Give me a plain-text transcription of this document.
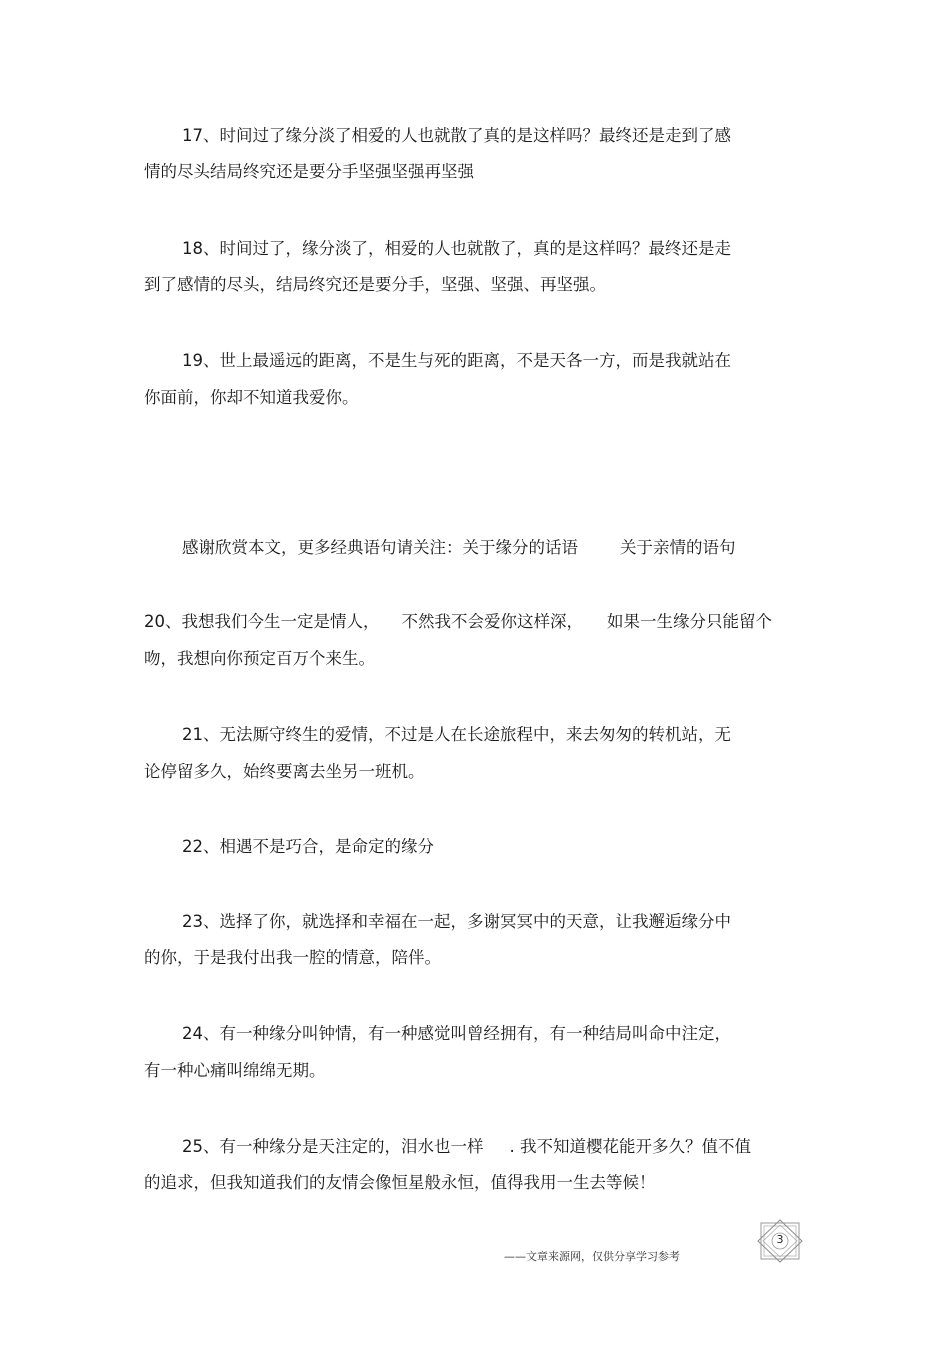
17、时间过了缘分淡了相爱的人也就散了真的是这样吗？最终还是走到了感
情的尽头结局终究还是要分手坚强坚强再坚强
18、时间过了，缘分淡了，相爱的人也就散了，真的是这样吗？最终还是走
到了感情的尽头，结局终究还是要分手，坚强、坚强、再坚强。
19、世上最遥远的距离，不是生与死的距离，不是天各一方，而是我就站在
你面前，你却不知道我爱你。
感谢欣赏本文，更多经典语句请关注：关于缘分的话语	关于亲情的语句
20、我想我们今生一定是情人， 不然我不会爱你这样深， 如果一生缘分只能留个
吻，我想向你预定百万个来生。
21、无法厮守终生的爱情，不过是人在长途旅程中，来去匆匆的转机站，无
论停留多久，始终要离去坐另一班机。
22、相遇不是巧合，是命定的缘分
23、选择了你，就选择和幸福在一起，多谢冥冥中的天意，让我邂逅缘分中
的你，于是我付出我一腔的情意，陪伴。
24、有一种缘分叫钟情，有一种感觉叫曾经拥有，有一种结局叫命中注定，
有一种心痛叫绵绵无期。
25、有一种缘分是天注定的，泪水也一样 . 我不知道樱花能开多久？值不值
的追求，但我知道我们的友情会像恒星般永恒，值得我用一生去等候！
3
——文章来源网，仅供分享学习参考
